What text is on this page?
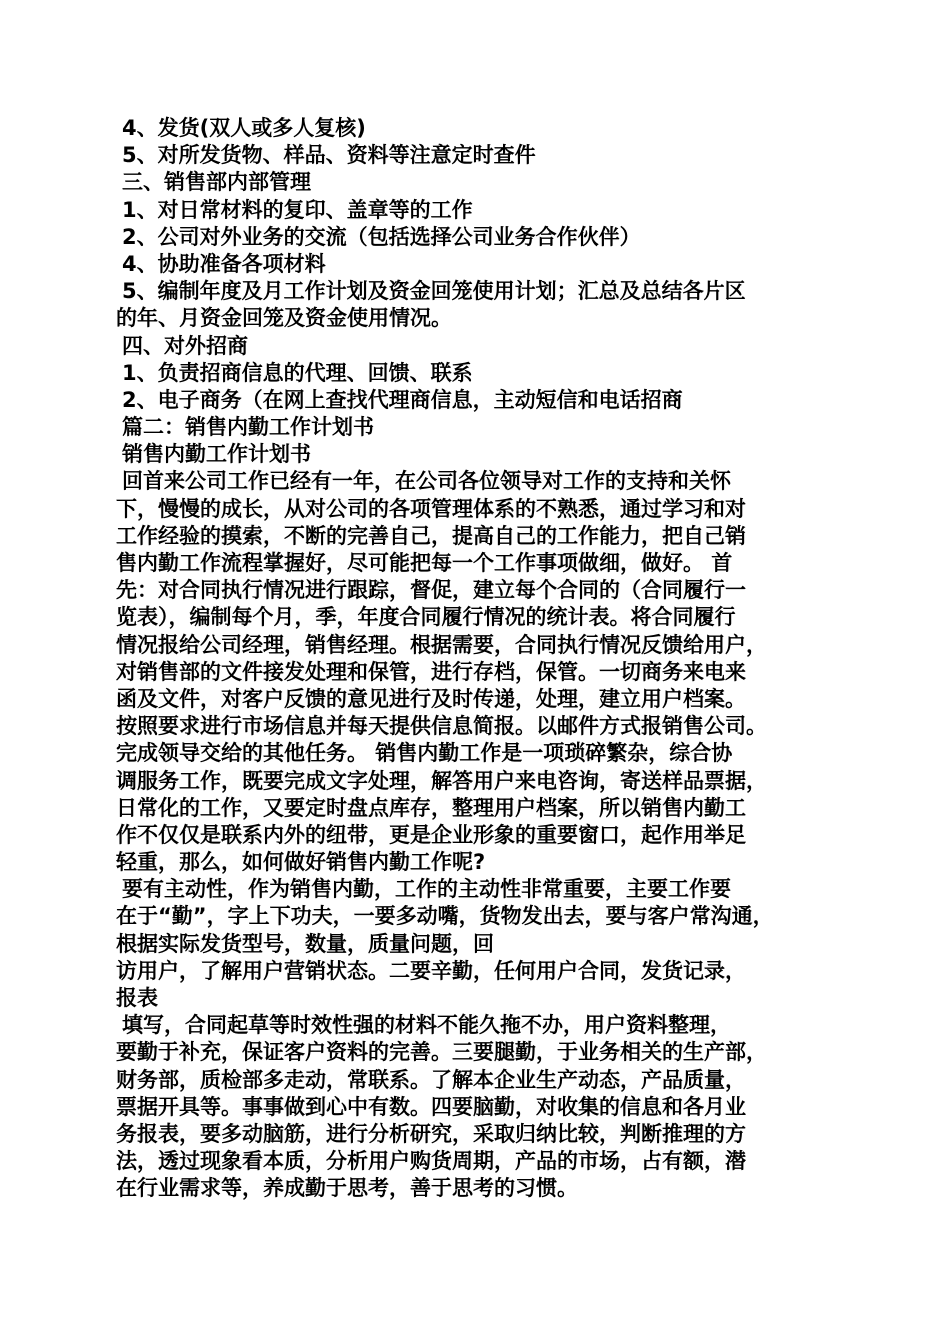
4、发货(双人或多人复核)
5、对所发货物、样品、资料等注意定时查件
三、销售部内部管理
1、对日常材料的复印、盖章等的工作
2、公司对外业务的交流（包括选择公司业务合作伙伴）
4、协助准备各项材料
5、编制年度及月工作计划及资金回笼使用计划；汇总及总结各片区
的年、月资金回笼及资金使用情况。
四、对外招商
1、负责招商信息的代理、回馈、联系
2、电子商务（在网上查找代理商信息，主动短信和电话招商
篇二：销售内勤工作计划书
销售内勤工作计划书
回首来公司工作已经有一年，在公司各位领导对工作的支持和关怀
下，慢慢的成长，从对公司的各项管理体系的不熟悉，通过学习和对
工作经验的摸索，不断的完善自己，提高自己的工作能力，把自己销
售内勤工作流程掌握好，尽可能把每一个工作事项做细，做好。 首
先：对合同执行情况进行跟踪，督促，建立每个合同的（合同履行一
览表），编制每个月，季，年度合同履行情况的统计表。将合同履行
情况报给公司经理，销售经理。根据需要，合同执行情况反馈给用户，
对销售部的文件接发处理和保管，进行存档，保管。一切商务来电来
函及文件，对客户反馈的意见进行及时传递，处理，建立用户档案。
按照要求进行市场信息并每天提供信息简报。以邮件方式报销售公司。
完成领导交给的其他任务。 销售内勤工作是一项琐碎繁杂，综合协
调服务工作，既要完成文字处理，解答用户来电咨询，寄送样品票据，
日常化的工作，又要定时盘点库存，整理用户档案，所以销售内勤工
作不仅仅是联系内外的纽带，更是企业形象的重要窗口，起作用举足
轻重，那么，如何做好销售内勤工作呢?
要有主动性，作为销售内勤，工作的主动性非常重要，主要工作要
在于“勤”，字上下功夫，一要多动嘴，货物发出去，要与客户常沟通，
根据实际发货型号，数量，质量问题，回
访用户，了解用户营销状态。二要辛勤，任何用户合同，发货记录，
报表
填写，合同起草等时效性强的材料不能久拖不办，用户资料整理，
要勤于补充，保证客户资料的完善。三要腿勤，于业务相关的生产部，
财务部，质检部多走动，常联系。了解本企业生产动态，产品质量，
票据开具等。事事做到心中有数。四要脑勤，对收集的信息和各月业
务报表，要多动脑筋，进行分析研究，采取归纳比较，判断推理的方
法，透过现象看本质，分析用户购货周期，产品的市场，占有额，潜
在行业需求等，养成勤于思考，善于思考的习惯。
